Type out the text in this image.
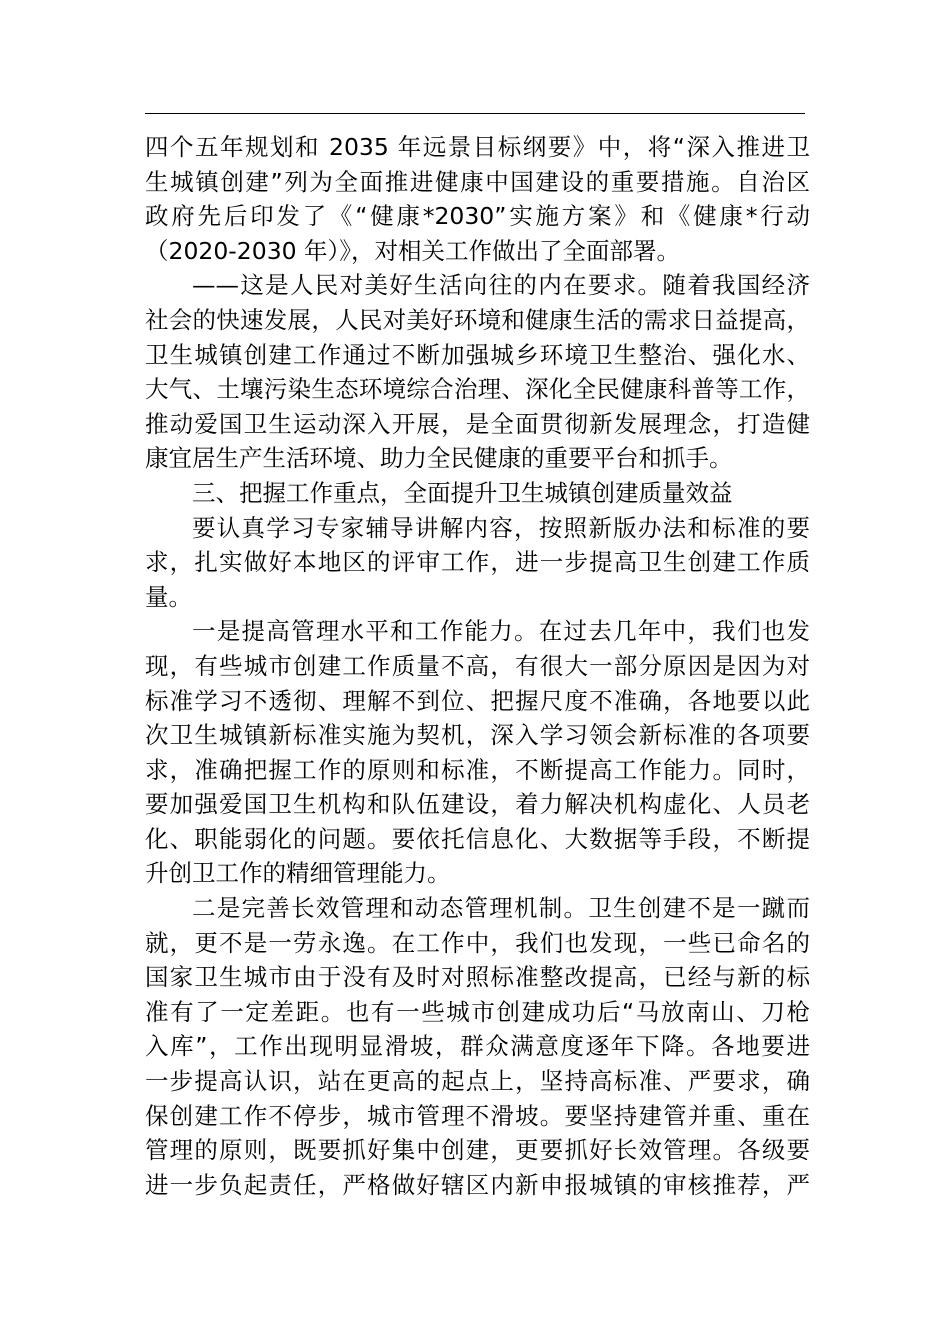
四个五年规划和 2035 年远景目标纲要》中，将“深入推进卫
生城镇创建”列为全面推进健康中国建设的重要措施。自治区
政府先后印发了《“健康*2030”实施方案》和《健康*行动
（2020-2030 年）》，对相关工作做出了全面部署。
——这是人民对美好生活向往的内在要求。随着我国经济
社会的快速发展，人民对美好环境和健康生活的需求日益提高，
卫生城镇创建工作通过不断加强城乡环境卫生整治、强化水、
大气、土壤污染生态环境综合治理、深化全民健康科普等工作，
推动爱国卫生运动深入开展，是全面贯彻新发展理念，打造健
康宜居生产生活环境、助力全民健康的重要平台和抓手。
三、把握工作重点，全面提升卫生城镇创建质量效益
要认真学习专家辅导讲解内容，按照新版办法和标准的要
求，扎实做好本地区的评审工作，进一步提高卫生创建工作质
量。
一是提高管理水平和工作能力。在过去几年中，我们也发
现，有些城市创建工作质量不高，有很大一部分原因是因为对
标准学习不透彻、理解不到位、把握尺度不准确，各地要以此
次卫生城镇新标准实施为契机，深入学习领会新标准的各项要
求，准确把握工作的原则和标准，不断提高工作能力。同时，
要加强爱国卫生机构和队伍建设，着力解决机构虚化、人员老
化、职能弱化的问题。要依托信息化、大数据等手段，不断提
升创卫工作的精细管理能力。
二是完善长效管理和动态管理机制。卫生创建不是一蹴而
就，更不是一劳永逸。在工作中，我们也发现，一些已命名的
国家卫生城市由于没有及时对照标准整改提高，已经与新的标
准有了一定差距。也有一些城市创建成功后“马放南山、刀枪
入库”，工作出现明显滑坡，群众满意度逐年下降。各地要进
一步提高认识，站在更高的起点上，坚持高标准、严要求，确
保创建工作不停步，城市管理不滑坡。要坚持建管并重、重在
管理的原则，既要抓好集中创建，更要抓好长效管理。各级要
进一步负起责任，严格做好辖区内新申报城镇的审核推荐，严
